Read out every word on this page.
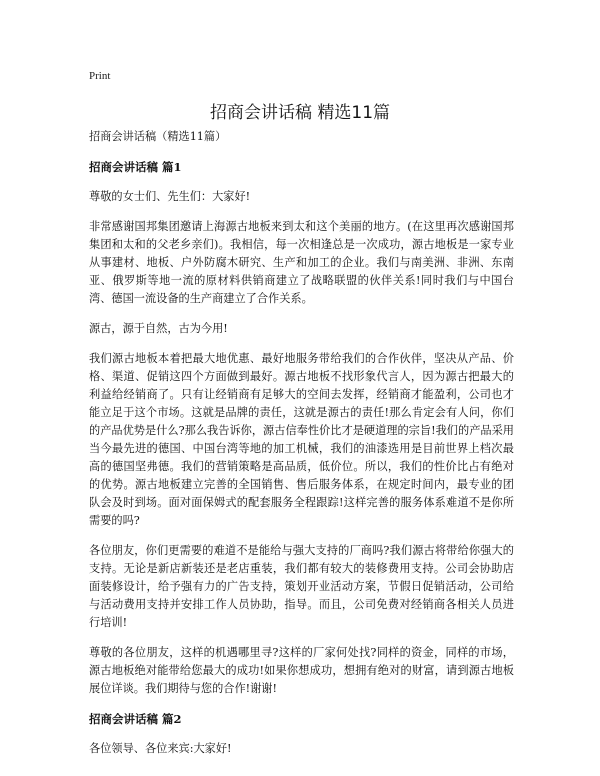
Print
招商会讲话稿 精选11篇

招商会讲话稿（精选11篇）

招商会讲话稿 篇1

尊敬的女士们、先生们：大家好!

非常感谢国邦集团邀请上海源古地板来到太和这个美丽的地方。(在这里再次感谢国邦集团和太和的父老乡亲们)。我相信，每一次相逢总是一次成功，源古地板是一家专业从事建材、地板、户外防腐木研究、生产和加工的企业。我们与南美洲、非洲、东南亚、俄罗斯等地一流的原材料供销商建立了战略联盟的伙伴关系!同时我们与中国台湾、德国一流设备的生产商建立了合作关系。

源古，源于自然，古为今用!

我们源古地板本着把最大地优惠、最好地服务带给我们的合作伙伴，坚决从产品、价格、渠道、促销这四个方面做到最好。源古地板不找形象代言人，因为源古把最大的利益给经销商了。只有让经销商有足够大的空间去发挥，经销商才能盈利，公司也才能立足于这个市场。这就是品牌的责任，这就是源古的责任!那么肯定会有人问，你们的产品优势是什么?那么我告诉你，源古信奉性价比才是硬道理的宗旨!我们的产品采用当今最先进的德国、中国台湾等地的加工机械，我们的油漆选用是目前世界上档次最高的德国坚弗德。我们的营销策略是高品质，低价位。所以，我们的性价比占有绝对的优势。源古地板建立完善的全国销售、售后服务体系，在规定时间内，最专业的团队会及时到场。面对面保姆式的配套服务全程跟踪!这样完善的服务体系难道不是你所需要的吗?

各位朋友，你们更需要的难道不是能给与强大支持的厂商吗?我们源古将带给你强大的支持。无论是新店新装还是老店重装，我们都有较大的装修费用支持。公司会协助店面装修设计，给予强有力的广告支持，策划开业活动方案，节假日促销活动，公司给与活动费用支持并安排工作人员协助，指导。而且，公司免费对经销商各相关人员进行培训!

尊敬的各位朋友，这样的机遇哪里寻?这样的厂家何处找?同样的资金，同样的市场，源古地板绝对能带给您最大的成功!如果你想成功，想拥有绝对的财富，请到源古地板展位详谈。我们期待与您的合作!谢谢!

招商会讲话稿 篇2

各位领导、各位来宾:大家好!
